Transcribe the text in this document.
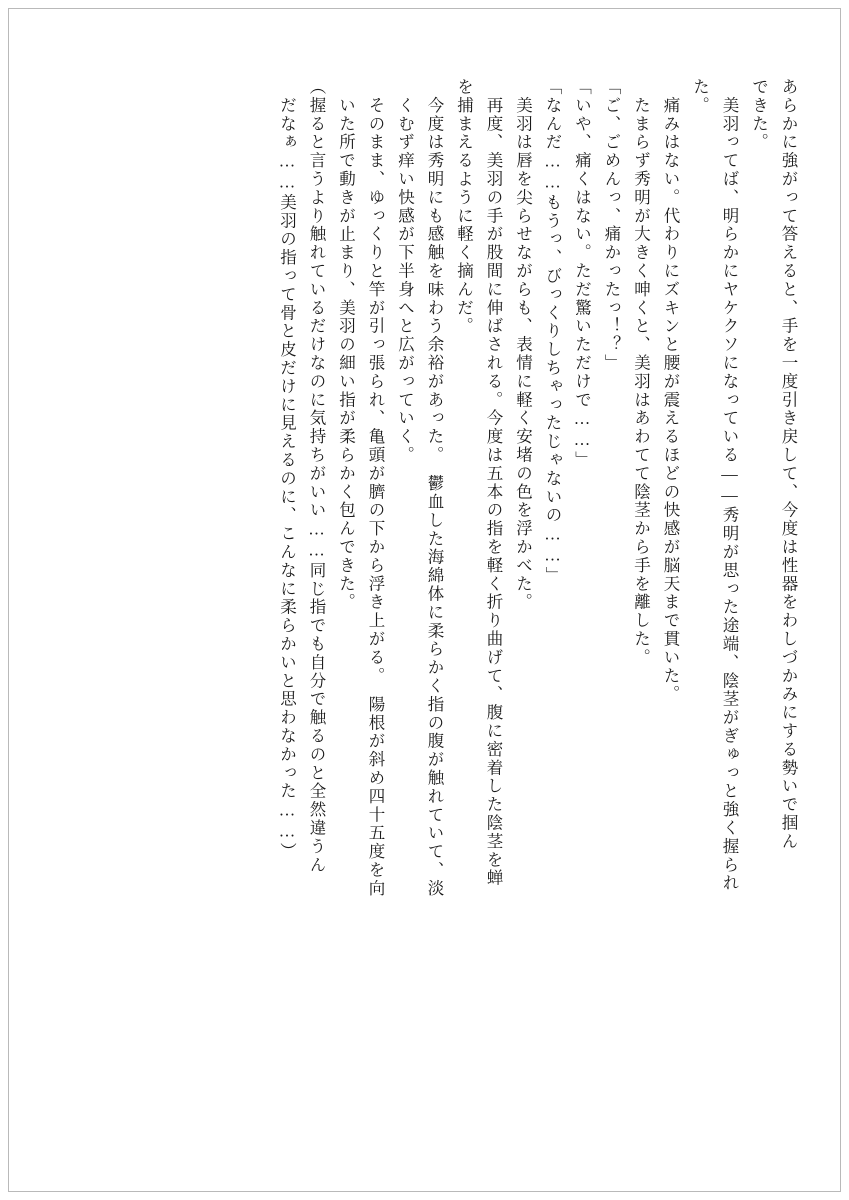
あらかに強がって答えると、手を一度引き戻して、今度は性器をわしづかみにする勢いで掴ん
できた。
　美羽ってば、明らかにヤケクソになっている――秀明が思った途端、陰茎がぎゅっと強く握られ
た。
　痛みはない。代わりにズキンと腰が震えるほどの快感が脳天まで貫いた。
　たまらず秀明が大きく呻くと、美羽はあわてて陰茎から手を離した。
「ご、ごめんっ、痛かったっ！？」
「いや、痛くはない。ただ驚いただけで……」
「なんだ……もうっ、びっくりしちゃったじゃないの……」
　美羽は唇を尖らせながらも、表情に軽く安堵の色を浮かべた。
　再度、美羽の手が股間に伸ばされる。今度は五本の指を軽く折り曲げて、腹に密着した陰茎を蝉
を捕まえるように軽く摘んだ。
　今度は秀明にも感触を味わう余裕があった。　鬱血した海綿体に柔らかく指の腹が触れていて、淡
　くむず痒い快感が下半身へと広がっていく。
　そのまま、ゆっくりと竿が引っ張られ、亀頭が臍の下から浮き上がる。　陽根が斜め四十五度を向
　いた所で動きが止まり、美羽の細い指が柔らかく包んできた。
（握ると言うより触れているだけなのに気持ちがいい……同じ指でも自分で触るのと全然違うん
　だなぁ……美羽の指って骨と皮だけに見えるのに、こんなに柔らかいと思わなかった……）
